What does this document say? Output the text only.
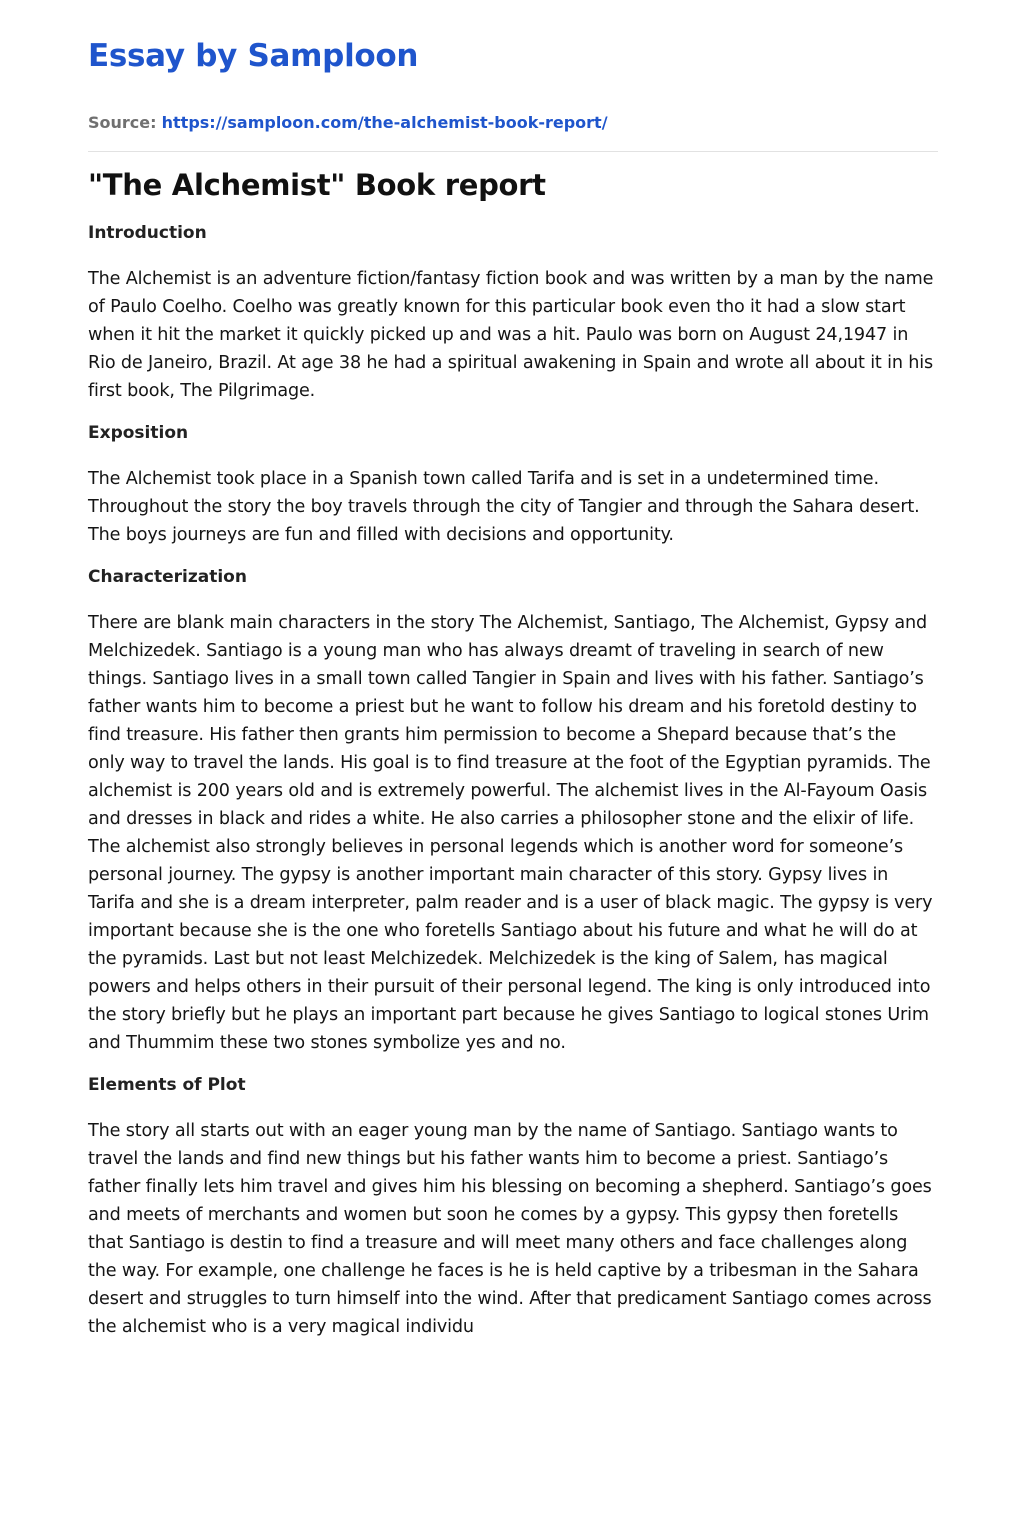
Essay by Samploon
Source: https://samploon.com/the-alchemist-book-report/
"The Alchemist" Book report
Introduction

The Alchemist is an adventure fiction/fantasy fiction book and was written by a man by the name of Paulo Coelho. Coelho was greatly known for this particular book even tho it had a slow start when it hit the market it quickly picked up and was a hit. Paulo was born on August 24,1947 in Rio de Janeiro, Brazil. At age 38 he had a spiritual awakening in Spain and wrote all about it in his first book, The Pilgrimage.

Exposition

The Alchemist took place in a Spanish town called Tarifa and is set in a undetermined time. Throughout the story the boy travels through the city of Tangier and through the Sahara desert. The boys journeys are fun and filled with decisions and opportunity.

Characterization

There are blank main characters in the story The Alchemist, Santiago, The Alchemist, Gypsy and Melchizedek. Santiago is a young man who has always dreamt of traveling in search of new things. Santiago lives in a small town called Tangier in Spain and lives with his father. Santiago’s father wants him to become a priest but he want to follow his dream and his foretold destiny to find treasure. His father then grants him permission to become a Shepard because that’s the only way to travel the lands. His goal is to find treasure at the foot of the Egyptian pyramids. The alchemist is 200 years old and is extremely powerful. The alchemist lives in the Al-Fayoum Oasis and dresses in black and rides a white. He also carries a philosopher stone and the elixir of life. The alchemist also strongly believes in personal legends which is another word for someone’s personal journey. The gypsy is another important main character of this story. Gypsy lives in Tarifa and she is a dream interpreter, palm reader and is a user of black magic. The gypsy is very important because she is the one who foretells Santiago about his future and what he will do at the pyramids. Last but not least Melchizedek. Melchizedek is the king of Salem, has magical powers and helps others in their pursuit of their personal legend. The king is only introduced into the story briefly but he plays an important part because he gives Santiago to logical stones Urim and Thummim these two stones symbolize yes and no.

Elements of Plot

The story all starts out with an eager young man by the name of Santiago. Santiago wants to travel the lands and find new things but his father wants him to become a priest. Santiago’s father finally lets him travel and gives him his blessing on becoming a shepherd. Santiago’s goes and meets of merchants and women but soon he comes by a gypsy. This gypsy then foretells that Santiago is destin to find a treasure and will meet many others and face challenges along the way. For example, one challenge he faces is he is held captive by a tribesman in the Sahara desert and struggles to turn himself into the wind. After that predicament Santiago comes across the alchemist who is a very magical individu
